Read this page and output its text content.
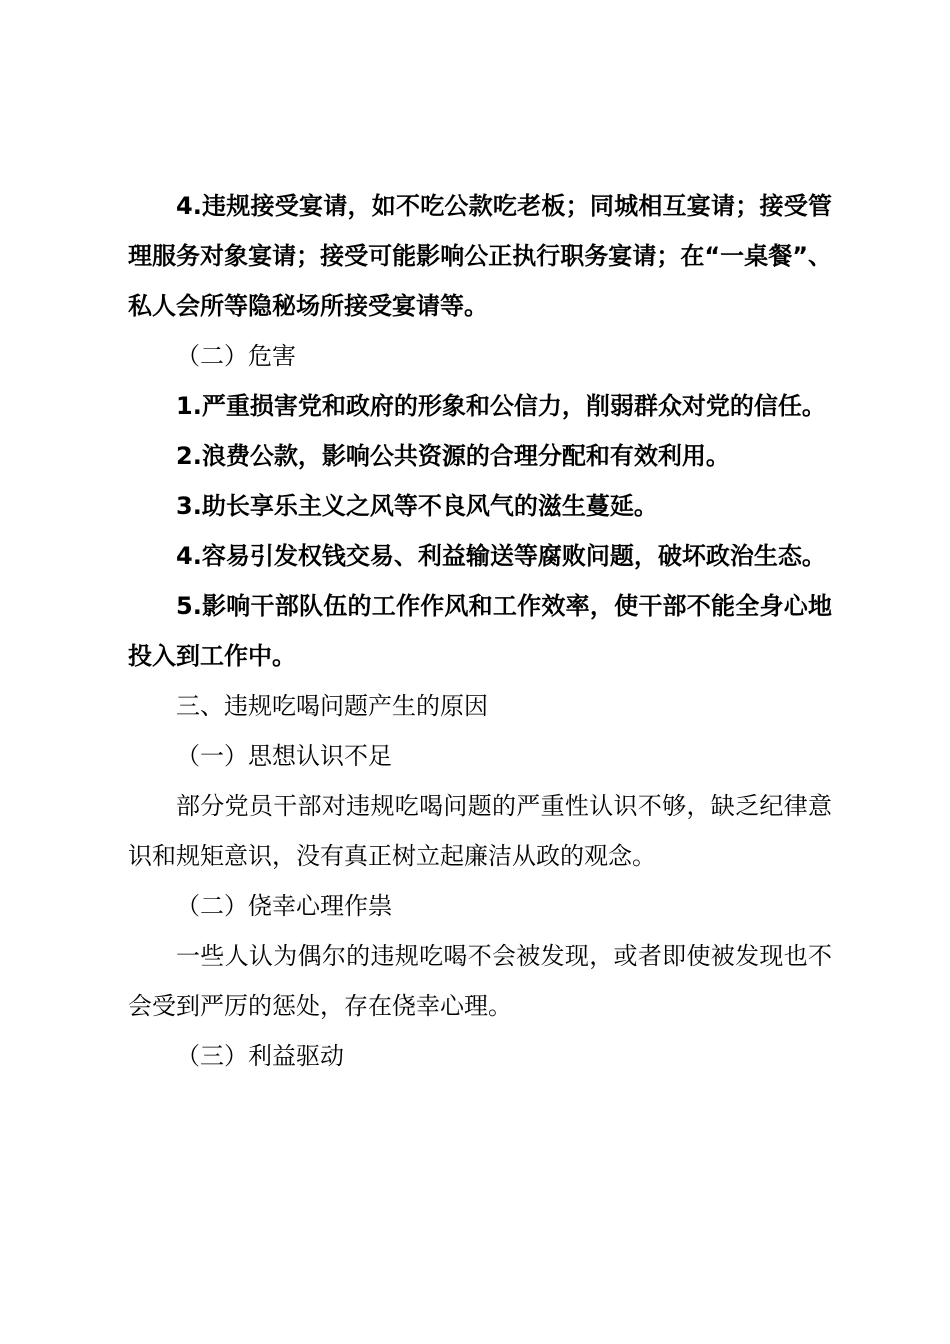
4.违规接受宴请，如不吃公款吃老板；同城相互宴请；接受管理服务对象宴请；接受可能影响公正执行职务宴请；在“一桌餐”、私人会所等隐秘场所接受宴请等。

（二）危害

1.严重损害党和政府的形象和公信力，削弱群众对党的信任。

2.浪费公款，影响公共资源的合理分配和有效利用。

3.助长享乐主义之风等不良风气的滋生蔓延。

4.容易引发权钱交易、利益输送等腐败问题，破坏政治生态。

5.影响干部队伍的工作作风和工作效率，使干部不能全身心地投入到工作中。

三、违规吃喝问题产生的原因

（一）思想认识不足

部分党员干部对违规吃喝问题的严重性认识不够，缺乏纪律意识和规矩意识，没有真正树立起廉洁从政的观念。

（二）侥幸心理作祟

一些人认为偶尔的违规吃喝不会被发现，或者即使被发现也不会受到严厉的惩处，存在侥幸心理。

（三）利益驱动
